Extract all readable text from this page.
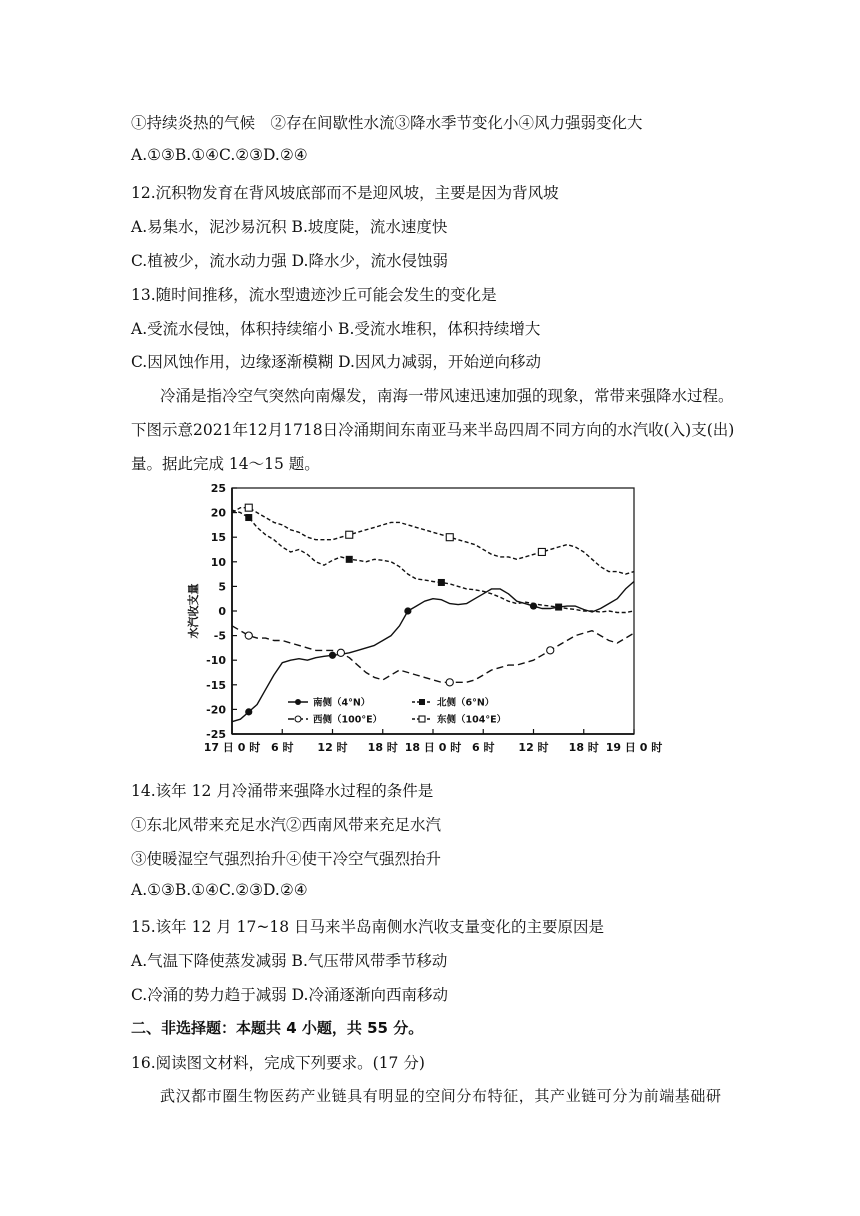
①持续炎热的气候　②存在间歇性水流③降水季节变化小④风力强弱变化大
A.①③B.①④C.②③D.②④
12.沉积物发育在背风坡底部而不是迎风坡，主要是因为背风坡
A.易集水，泥沙易沉积 B.坡度陡，流水速度快
C.植被少，流水动力强 D.降水少，流水侵蚀弱
13.随时间推移，流水型遗迹沙丘可能会发生的变化是
A.受流水侵蚀，体积持续缩小 B.受流水堆积，体积持续增大
C.因风蚀作用，边缘逐渐模糊 D.因风力减弱，开始逆向移动
冷涌是指冷空气突然向南爆发，南海一带风速迅速加强的现象，常带来强降水过程。
下图示意2021年12月1718日冷涌期间东南亚马来半岛四周不同方向的水汽收(入)支(出)
量。据此完成 14～15 题。
25
20
15
10
5
0
-5
-10
-15
-20
-25
17 日 0 时 6 时 12 时 18 时 18 日 0 时 6 时 12 时 18 时 19 日 0 时
水汽收支量
南侧（4°N）	北侧（6°N）
西侧（100°E）	东侧（104°E）
14.该年 12 月冷涌带来强降水过程的条件是
①东北风带来充足水汽②西南风带来充足水汽
③使暖湿空气强烈抬升④使干冷空气强烈抬升
A.①③B.①④C.②③D.②④
15.该年 12 月 17~18 日马来半岛南侧水汽收支量变化的主要原因是
A.气温下降使蒸发减弱 B.气压带风带季节移动
C.冷涌的势力趋于减弱 D.冷涌逐渐向西南移动
二、非选择题：本题共 4 小题，共 55 分。
16.阅读图文材料，完成下列要求。(17 分)
武汉都市圈生物医药产业链具有明显的空间分布特征，其产业链可分为前端基础研
